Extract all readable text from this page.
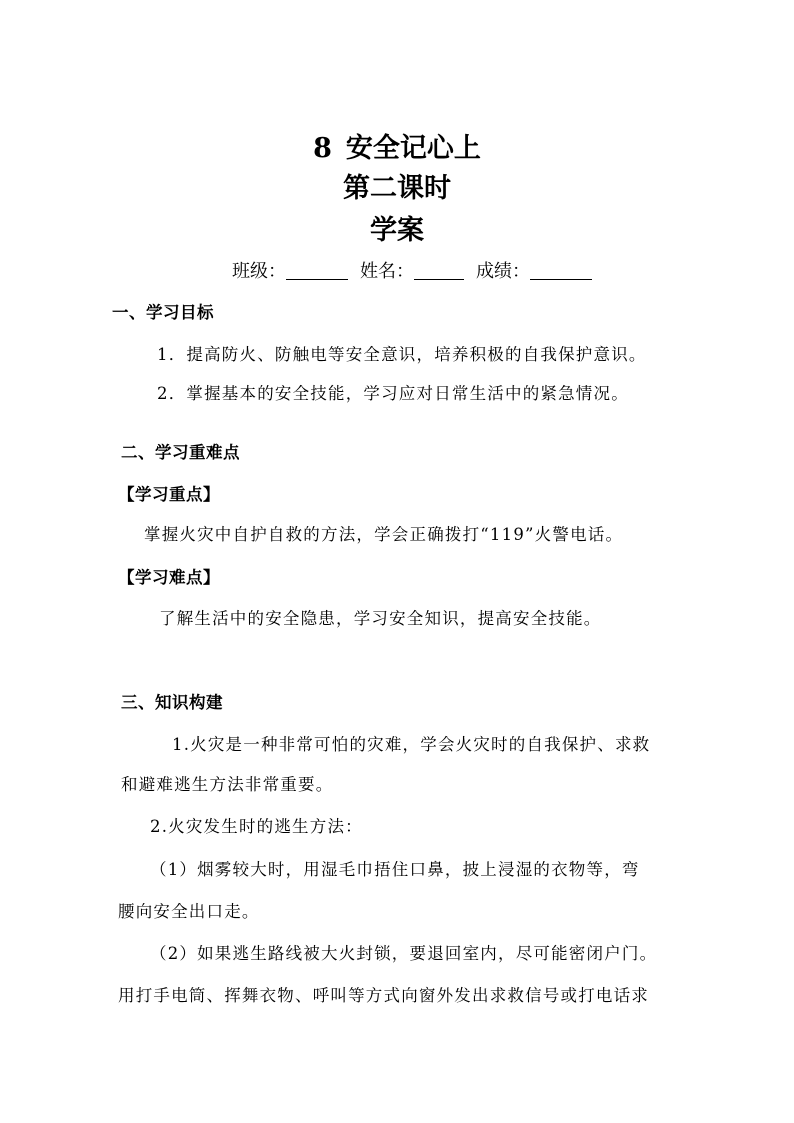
8 安全记心上
第二课时
学案
班级：	姓名：	成绩：
一、学习目标
1．提高防火、防触电等安全意识，培养积极的自我保护意识。
2．掌握基本的安全技能，学习应对日常生活中的紧急情况。
二、学习重难点
【学习重点】
掌握火灾中自护自救的方法，学会正确拨打“119”火警电话。
【学习难点】
了解生活中的安全隐患，学习安全知识，提高安全技能。
三、知识构建
1.火灾是一种非常可怕的灾难，学会火灾时的自我保护、求救
和避难逃生方法非常重要。
2.火灾发生时的逃生方法：
（1）烟雾较大时，用湿毛巾捂住口鼻，披上浸湿的衣物等，弯
腰向安全出口走。
（2）如果逃生路线被大火封锁，要退回室内，尽可能密闭户门。
用打手电筒、挥舞衣物、呼叫等方式向窗外发出求救信号或打电话求
